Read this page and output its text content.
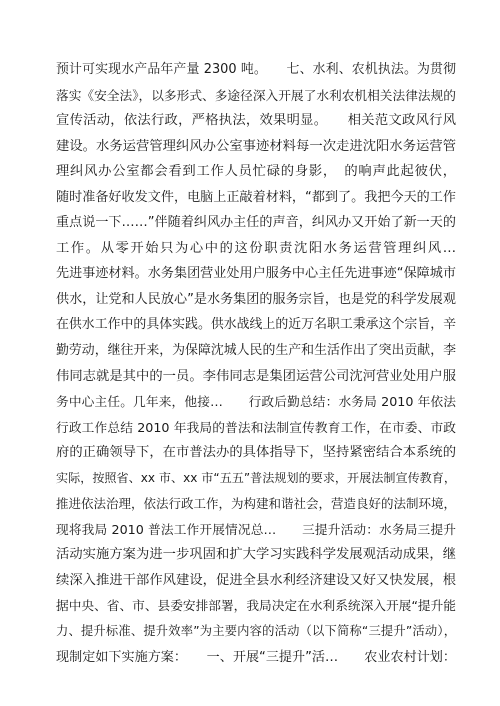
预计可实现水产品年产量 2300 吨。　　七、水利、农机执法。为贯彻
落实《安全法》，以多形式、多途径深入开展了水利农机相关法律法规的
宣传活动，依法行政，严格执法，效果明显。　　相关范文政风行风
建设。水务运营管理纠风办公室事迹材料每一次走进沈阳水务运营管
理纠风办公室都会看到工作人员忙碌的身影，　的响声此起彼伏，
随时准备好收发文件，电脑上正敲着材料，“都到了。我把今天的工作
重点说一下……”伴随着纠风办主任的声音，纠风办又开始了新一天的
工作。从零开始只为心中的这份职责沈阳水务运营管理纠风…
先进事迹材料。水务集团营业处用户服务中心主任先进事迹“保障城市
供水，让党和人民放心”是水务集团的服务宗旨，也是党的科学发展观
在供水工作中的具体实践。供水战线上的近万名职工秉承这个宗旨，辛
勤劳动，继往开来，为保障沈城人民的生产和生活作出了突出贡献，李
伟同志就是其中的一员。李伟同志是集团运营公司沈河营业处用户服
务中心主任。几年来，他接…　　行政后勤总结：水务局 2010 年依法
行政工作总结 2010 年我局的普法和法制宣传教育工作，在市委、市政
府的正确领导下，在市普法办的具体指导下，坚持紧密结合本系统的
实际，按照省、xx 市、xx 市“五五”普法规划的要求，开展法制宣传教育，
推进依法治理，依法行政工作，为构建和谐社会，营造良好的法制环境，
现将我局 2010 普法工作开展情况总…　　三提升活动：水务局三提升
活动实施方案为进一步巩固和扩大学习实践科学发展观活动成果，继
续深入推进干部作风建设，促进全县水利经济建设又好又快发展，根
据中央、省、市、县委安排部署，我局决定在水利系统深入开展“提升能
力、提升标准、提升效率”为主要内容的活动（以下简称“三提升”活动），
现制定如下实施方案：　　一、开展“三提升”活…　　农业农村计划：
